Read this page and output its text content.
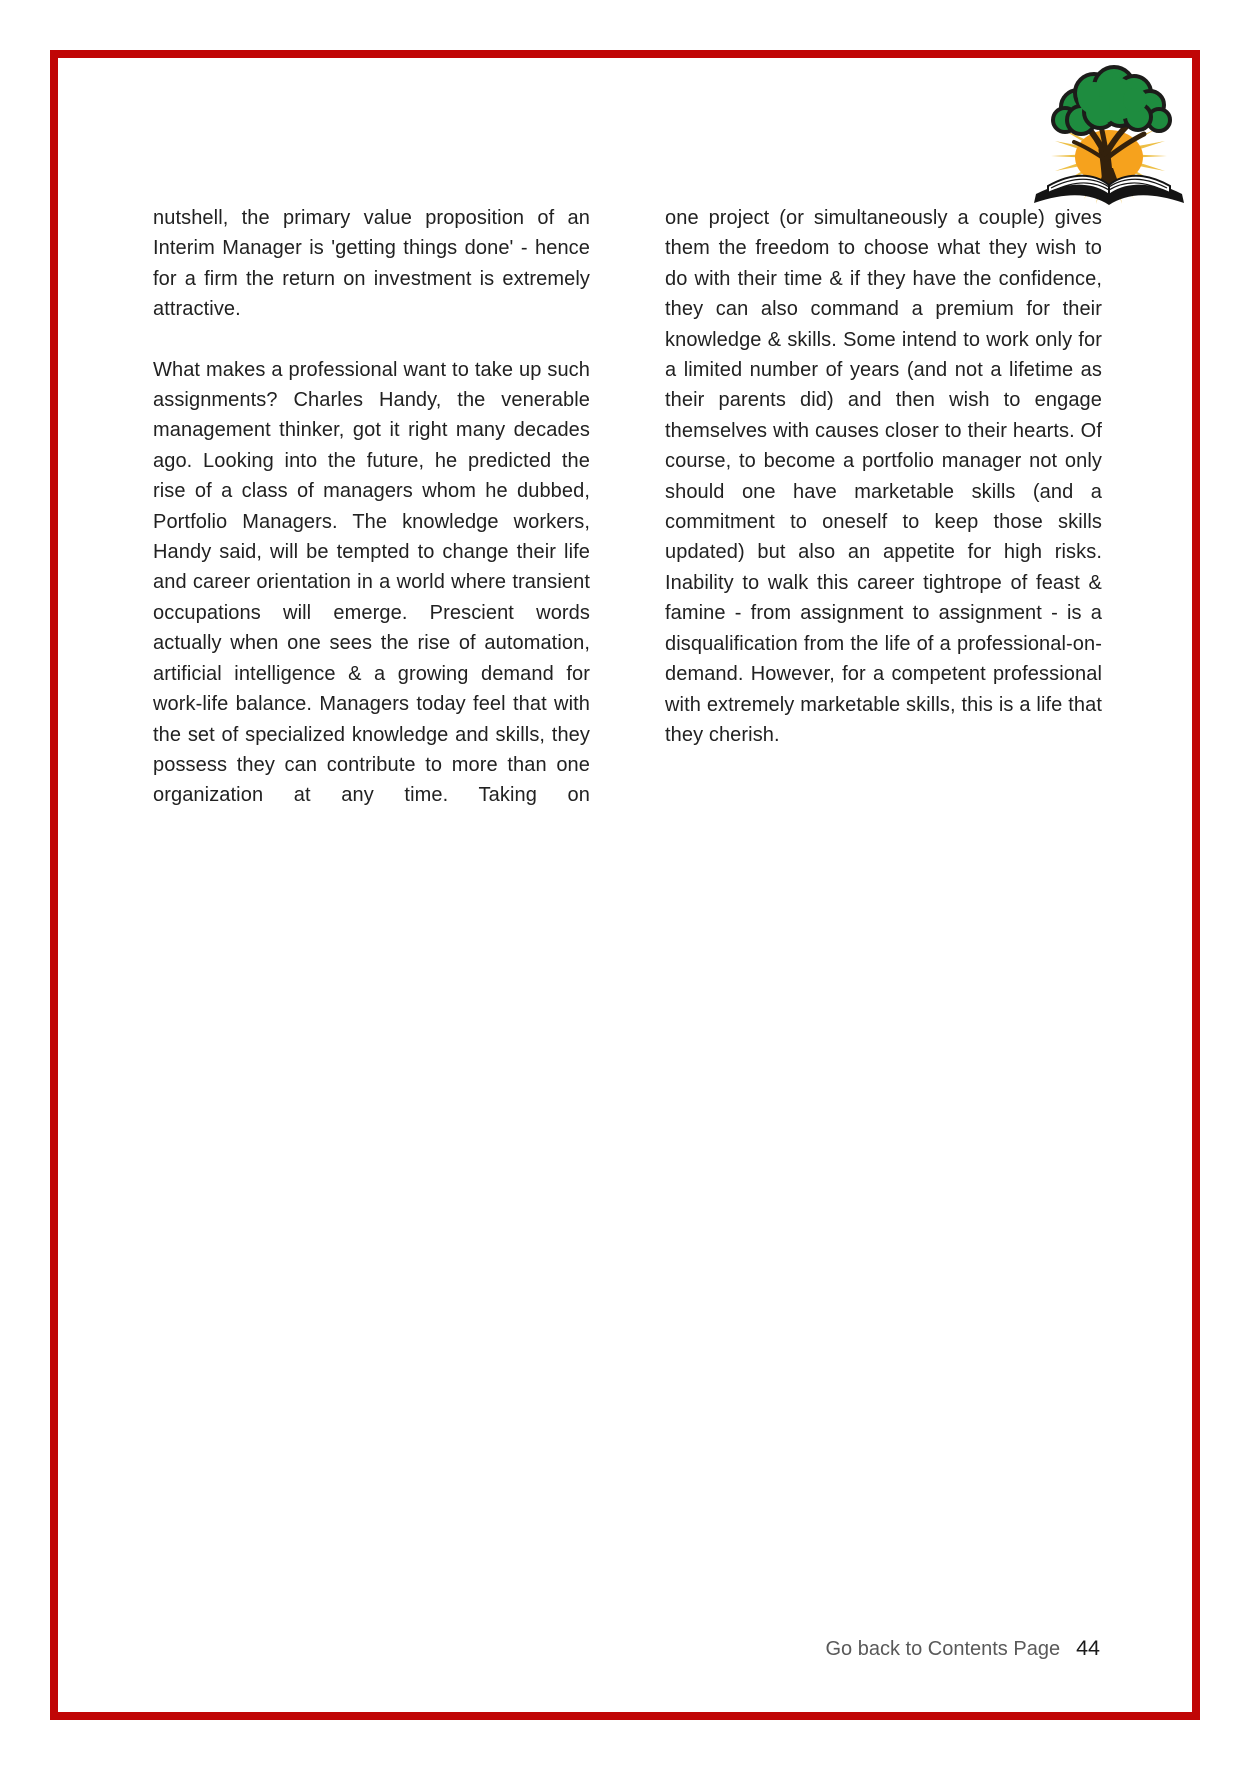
nutshell, the primary value proposition of an Interim Manager is 'getting things done' - hence for a firm the return on investment is extremely attractive.

What makes a professional want to take up such assignments? Charles Handy, the venerable management thinker, got it right many decades ago. Looking into the future, he predicted the rise of a class of managers whom he dubbed, Portfolio Managers. The knowledge workers, Handy said, will be tempted to change their life and career orientation in a world where transient occupations will emerge. Prescient words actually when one sees the rise of automation, artificial intelligence & a growing demand for work-life balance. Managers today feel that with the set of specialized knowledge and skills, they possess they can contribute to more than one organization at any time. Taking on

one project (or simultaneously a couple) gives them the freedom to choose what they wish to do with their time & if they have the confidence, they can also command a premium for their knowledge & skills. Some intend to work only for a limited number of years (and not a lifetime as their parents did) and then wish to engage themselves with causes closer to their hearts. Of course, to become a portfolio manager not only should one have marketable skills (and a commitment to oneself to keep those skills updated) but also an appetite for high risks. Inability to walk this career tightrope of feast & famine - from assignment to assignment - is a disqualification from the life of a professional-on-demand. However, for a competent professional with extremely marketable skills, this is a life that they cherish.

Go back to Contents Page 44
